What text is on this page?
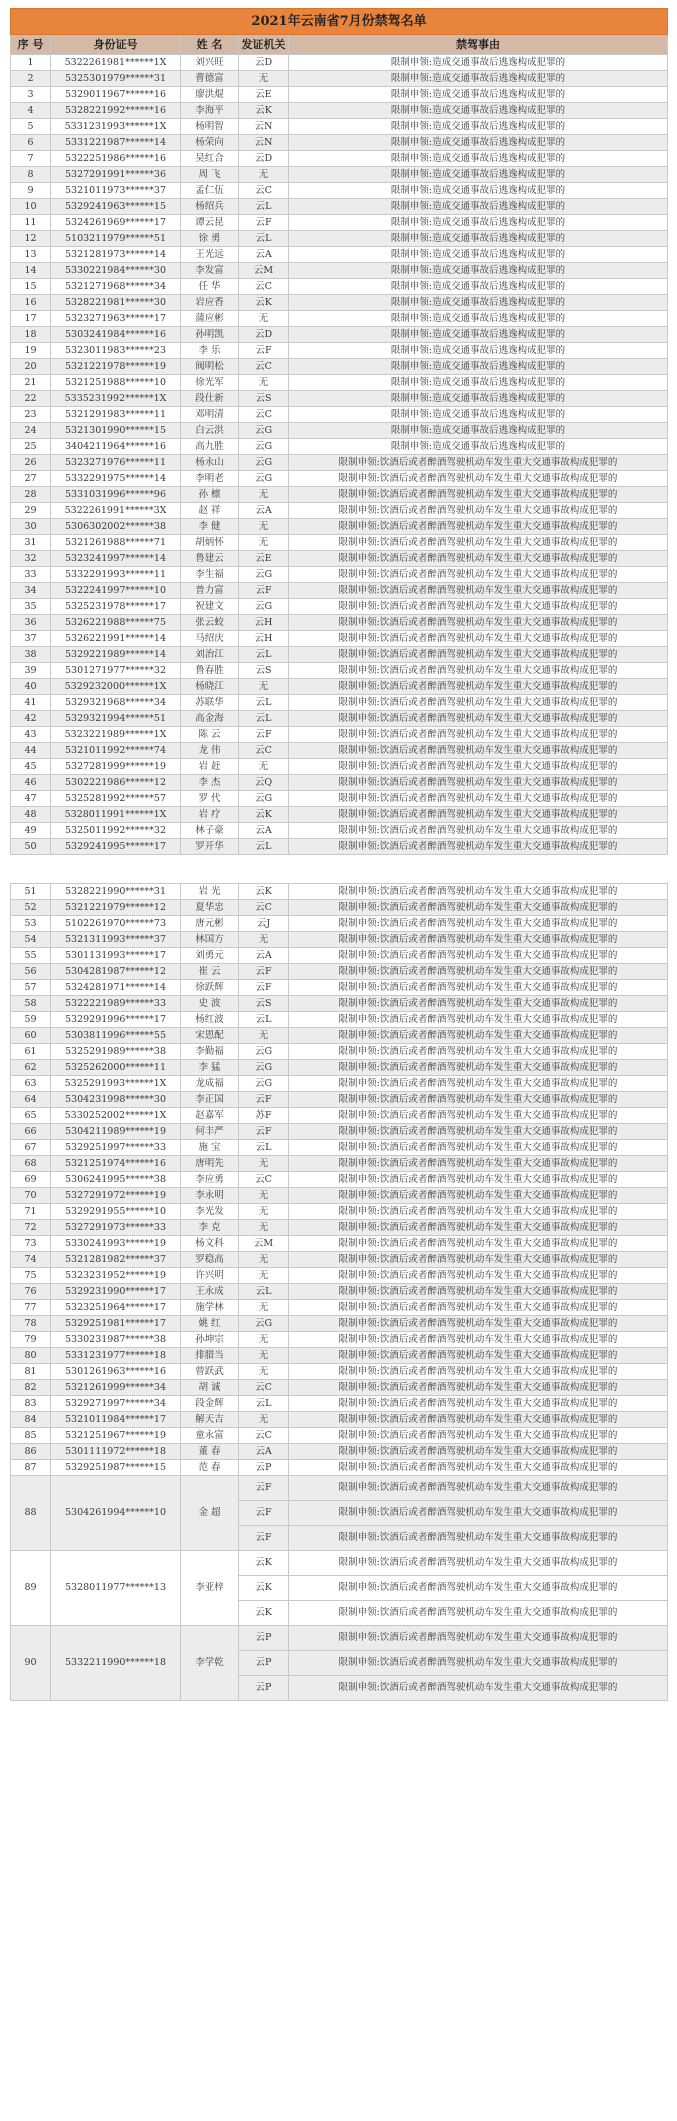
2021年云南省7月份禁驾名单				
序 号	身份证号	姓 名	发证机关	禁驾事由
1	5322261981******1X	刘兴旺	云D	限制申领:造成交通事故后逃逸构成犯罪的
2	5325301979******31	曹德富	无	限制申领:造成交通事故后逃逸构成犯罪的
3	5329011967******16	廖洪焜	云E	限制申领:造成交通事故后逃逸构成犯罪的
4	5328221992******16	李海平	云K	限制申领:造成交通事故后逃逸构成犯罪的
5	5331231993******1X	杨明智	云N	限制申领:造成交通事故后逃逸构成犯罪的
6	5331221987******14	杨荣向	云N	限制申领:造成交通事故后逃逸构成犯罪的
7	5322251986******16	吴红合	云D	限制申领:造成交通事故后逃逸构成犯罪的
8	5327291991******36	周 飞	无	限制申领:造成交通事故后逃逸构成犯罪的
9	5321011973******37	孟仁伍	云C	限制申领:造成交通事故后逃逸构成犯罪的
10	5329241963******15	杨绍兵	云L	限制申领:造成交通事故后逃逸构成犯罪的
11	5324261969******17	谭云昆	云F	限制申领:造成交通事故后逃逸构成犯罪的
12	5103211979******51	徐 勇	云L	限制申领:造成交通事故后逃逸构成犯罪的
13	5321281973******14	王光远	云A	限制申领:造成交通事故后逃逸构成犯罪的
14	5330221984******30	李发富	云M	限制申领:造成交通事故后逃逸构成犯罪的
15	5321271968******34	任 华	云C	限制申领:造成交通事故后逃逸构成犯罪的
16	5328221981******30	岩应香	云K	限制申领:造成交通事故后逃逸构成犯罪的
17	5323271963******17	蒲应彬	无	限制申领:造成交通事故后逃逸构成犯罪的
18	5303241984******16	孙明凯	云D	限制申领:造成交通事故后逃逸构成犯罪的
19	5323011983******23	李 乐	云F	限制申领:造成交通事故后逃逸构成犯罪的
20	5321221978******19	阀明松	云C	限制申领:造成交通事故后逃逸构成犯罪的
21	5321251988******10	徐光军	无	限制申领:造成交通事故后逃逸构成犯罪的
22	5335231992******1X	段仕新	云S	限制申领:造成交通事故后逃逸构成犯罪的
23	5321291983******11	邓明清	云C	限制申领:造成交通事故后逃逸构成犯罪的
24	5321301990******15	白云洪	云G	限制申领:造成交通事故后逃逸构成犯罪的
25	3404211964******16	高九胜	云G	限制申领:造成交通事故后逃逸构成犯罪的
26	5323271976******11	杨永山	云G	限制申领:饮酒后或者醉酒驾驶机动车发生重大交通事故构成犯罪的
27	5332291975******14	李明老	云G	限制申领:饮酒后或者醉酒驾驶机动车发生重大交通事故构成犯罪的
28	5331031996******96	孙 檩	无	限制申领:饮酒后或者醉酒驾驶机动车发生重大交通事故构成犯罪的
29	5322261991******3X	赵 祥	云A	限制申领:饮酒后或者醉酒驾驶机动车发生重大交通事故构成犯罪的
30	5306302002******38	李 健	无	限制申领:饮酒后或者醉酒驾驶机动车发生重大交通事故构成犯罪的
31	5321261988******71	胡炳怀	无	限制申领:饮酒后或者醉酒驾驶机动车发生重大交通事故构成犯罪的
32	5323241997******14	鲁建云	云E	限制申领:饮酒后或者醉酒驾驶机动车发生重大交通事故构成犯罪的
33	5332291993******11	李生福	云G	限制申领:饮酒后或者醉酒驾驶机动车发生重大交通事故构成犯罪的
34	5322241997******10	普力富	云F	限制申领:饮酒后或者醉酒驾驶机动车发生重大交通事故构成犯罪的
35	5325231978******17	祝建文	云G	限制申领:饮酒后或者醉酒驾驶机动车发生重大交通事故构成犯罪的
36	5326221988******75	张云蛟	云H	限制申领:饮酒后或者醉酒驾驶机动车发生重大交通事故构成犯罪的
37	5326221991******14	马绍庆	云H	限制申领:饮酒后或者醉酒驾驶机动车发生重大交通事故构成犯罪的
38	5329221989******14	刘治江	云L	限制申领:饮酒后或者醉酒驾驶机动车发生重大交通事故构成犯罪的
39	5301271977******32	鲁春胜	云S	限制申领:饮酒后或者醉酒驾驶机动车发生重大交通事故构成犯罪的
40	5329232000******1X	杨晓江	无	限制申领:饮酒后或者醉酒驾驶机动车发生重大交通事故构成犯罪的
41	5329321968******34	苏联华	云L	限制申领:饮酒后或者醉酒驾驶机动车发生重大交通事故构成犯罪的
42	5329321994******51	高金海	云L	限制申领:饮酒后或者醉酒驾驶机动车发生重大交通事故构成犯罪的
43	5323221989******1X	陈 云	云F	限制申领:饮酒后或者醉酒驾驶机动车发生重大交通事故构成犯罪的
44	5321011992******74	龙 伟	云C	限制申领:饮酒后或者醉酒驾驶机动车发生重大交通事故构成犯罪的
45	5327281999******19	岩 赶	无	限制申领:饮酒后或者醉酒驾驶机动车发生重大交通事故构成犯罪的
46	5302221986******12	李 杰	云Q	限制申领:饮酒后或者醉酒驾驶机动车发生重大交通事故构成犯罪的
47	5325281992******57	罗 代	云G	限制申领:饮酒后或者醉酒驾驶机动车发生重大交通事故构成犯罪的
48	5328011991******1X	岩 疗	云K	限制申领:饮酒后或者醉酒驾驶机动车发生重大交通事故构成犯罪的
49	5325011992******32	林子豪	云A	限制申领:饮酒后或者醉酒驾驶机动车发生重大交通事故构成犯罪的
50	5329241995******17	罗开华	云L	限制申领:饮酒后或者醉酒驾驶机动车发生重大交通事故构成犯罪的
51	5328221990******31	岩 光	云K	限制申领:饮酒后或者醉酒驾驶机动车发生重大交通事故构成犯罪的
52	5321221979******12	夏华忠	云C	限制申领:饮酒后或者醉酒驾驶机动车发生重大交通事故构成犯罪的
53	5102261970******73	唐元彬	云J	限制申领:饮酒后或者醉酒驾驶机动车发生重大交通事故构成犯罪的
54	5321311993******37	林国方	无	限制申领:饮酒后或者醉酒驾驶机动车发生重大交通事故构成犯罪的
55	5301131993******17	刘勇元	云A	限制申领:饮酒后或者醉酒驾驶机动车发生重大交通事故构成犯罪的
56	5304281987******12	崔 云	云F	限制申领:饮酒后或者醉酒驾驶机动车发生重大交通事故构成犯罪的
57	5324281971******14	徐跃辉	云F	限制申领:饮酒后或者醉酒驾驶机动车发生重大交通事故构成犯罪的
58	5322221989******33	史 波	云S	限制申领:饮酒后或者醉酒驾驶机动车发生重大交通事故构成犯罪的
59	5329291996******17	杨红波	云L	限制申领:饮酒后或者醉酒驾驶机动车发生重大交通事故构成犯罪的
60	5303811996******55	宋恩配	无	限制申领:饮酒后或者醉酒驾驶机动车发生重大交通事故构成犯罪的
61	5325291989******38	李勤福	云G	限制申领:饮酒后或者醉酒驾驶机动车发生重大交通事故构成犯罪的
62	5325262000******11	李 猛	云G	限制申领:饮酒后或者醉酒驾驶机动车发生重大交通事故构成犯罪的
63	5325291993******1X	龙成福	云G	限制申领:饮酒后或者醉酒驾驶机动车发生重大交通事故构成犯罪的
64	5304231998******30	李正国	云F	限制申领:饮酒后或者醉酒驾驶机动车发生重大交通事故构成犯罪的
65	5330252002******1X	赵嘉军	苏F	限制申领:饮酒后或者醉酒驾驶机动车发生重大交通事故构成犯罪的
66	5304211989******19	何丰严	云F	限制申领:饮酒后或者醉酒驾驶机动车发生重大交通事故构成犯罪的
67	5329251997******33	施 宝	云L	限制申领:饮酒后或者醉酒驾驶机动车发生重大交通事故构成犯罪的
68	5321251974******16	唐明先	无	限制申领:饮酒后或者醉酒驾驶机动车发生重大交通事故构成犯罪的
69	5306241995******38	李应勇	云C	限制申领:饮酒后或者醉酒驾驶机动车发生重大交通事故构成犯罪的
70	5327291972******19	李永明	无	限制申领:饮酒后或者醉酒驾驶机动车发生重大交通事故构成犯罪的
71	5329291955******10	李光发	无	限制申领:饮酒后或者醉酒驾驶机动车发生重大交通事故构成犯罪的
72	5327291973******33	李 克	无	限制申领:饮酒后或者醉酒驾驶机动车发生重大交通事故构成犯罪的
73	5330241993******19	杨文科	云M	限制申领:饮酒后或者醉酒驾驶机动车发生重大交通事故构成犯罪的
74	5321281982******37	罗稳高	无	限制申领:饮酒后或者醉酒驾驶机动车发生重大交通事故构成犯罪的
75	5323231952******19	许兴明	无	限制申领:饮酒后或者醉酒驾驶机动车发生重大交通事故构成犯罪的
76	5329231990******17	王永成	云L	限制申领:饮酒后或者醉酒驾驶机动车发生重大交通事故构成犯罪的
77	5323251964******17	施学林	无	限制申领:饮酒后或者醉酒驾驶机动车发生重大交通事故构成犯罪的
78	5329251981******17	姚 红	云G	限制申领:饮酒后或者醉酒驾驶机动车发生重大交通事故构成犯罪的
79	5330231987******38	孙坤宗	无	限制申领:饮酒后或者醉酒驾驶机动车发生重大交通事故构成犯罪的
80	5331231977******18	排腊当	无	限制申领:饮酒后或者醉酒驾驶机动车发生重大交通事故构成犯罪的
81	5301261963******16	曾跃武	无	限制申领:饮酒后或者醉酒驾驶机动车发生重大交通事故构成犯罪的
82	5321261999******34	胡 诚	云C	限制申领:饮酒后或者醉酒驾驶机动车发生重大交通事故构成犯罪的
83	5329271997******34	段金辉	云L	限制申领:饮酒后或者醉酒驾驶机动车发生重大交通事故构成犯罪的
84	5321011984******17	解天吉	无	限制申领:饮酒后或者醉酒驾驶机动车发生重大交通事故构成犯罪的
85	5321251967******19	童永富	云C	限制申领:饮酒后或者醉酒驾驶机动车发生重大交通事故构成犯罪的
86	5301111972******18	董 春	云A	限制申领:饮酒后或者醉酒驾驶机动车发生重大交通事故构成犯罪的
87	5329251987******15	范 春	云P	限制申领:饮酒后或者醉酒驾驶机动车发生重大交通事故构成犯罪的
88	5304261994******10	金 超	云F	限制申领:饮酒后或者醉酒驾驶机动车发生重大交通事故构成犯罪的
			云F	限制申领:饮酒后或者醉酒驾驶机动车发生重大交通事故构成犯罪的
			云F	限制申领:饮酒后或者醉酒驾驶机动车发生重大交通事故构成犯罪的
89	5328011977******13	李亚梓	云K	限制申领:饮酒后或者醉酒驾驶机动车发生重大交通事故构成犯罪的
			云K	限制申领:饮酒后或者醉酒驾驶机动车发生重大交通事故构成犯罪的
			云K	限制申领:饮酒后或者醉酒驾驶机动车发生重大交通事故构成犯罪的
90	5332211990******18	李学乾	云P	限制申领:饮酒后或者醉酒驾驶机动车发生重大交通事故构成犯罪的
			云P	限制申领:饮酒后或者醉酒驾驶机动车发生重大交通事故构成犯罪的
			云P	限制申领:饮酒后或者醉酒驾驶机动车发生重大交通事故构成犯罪的
